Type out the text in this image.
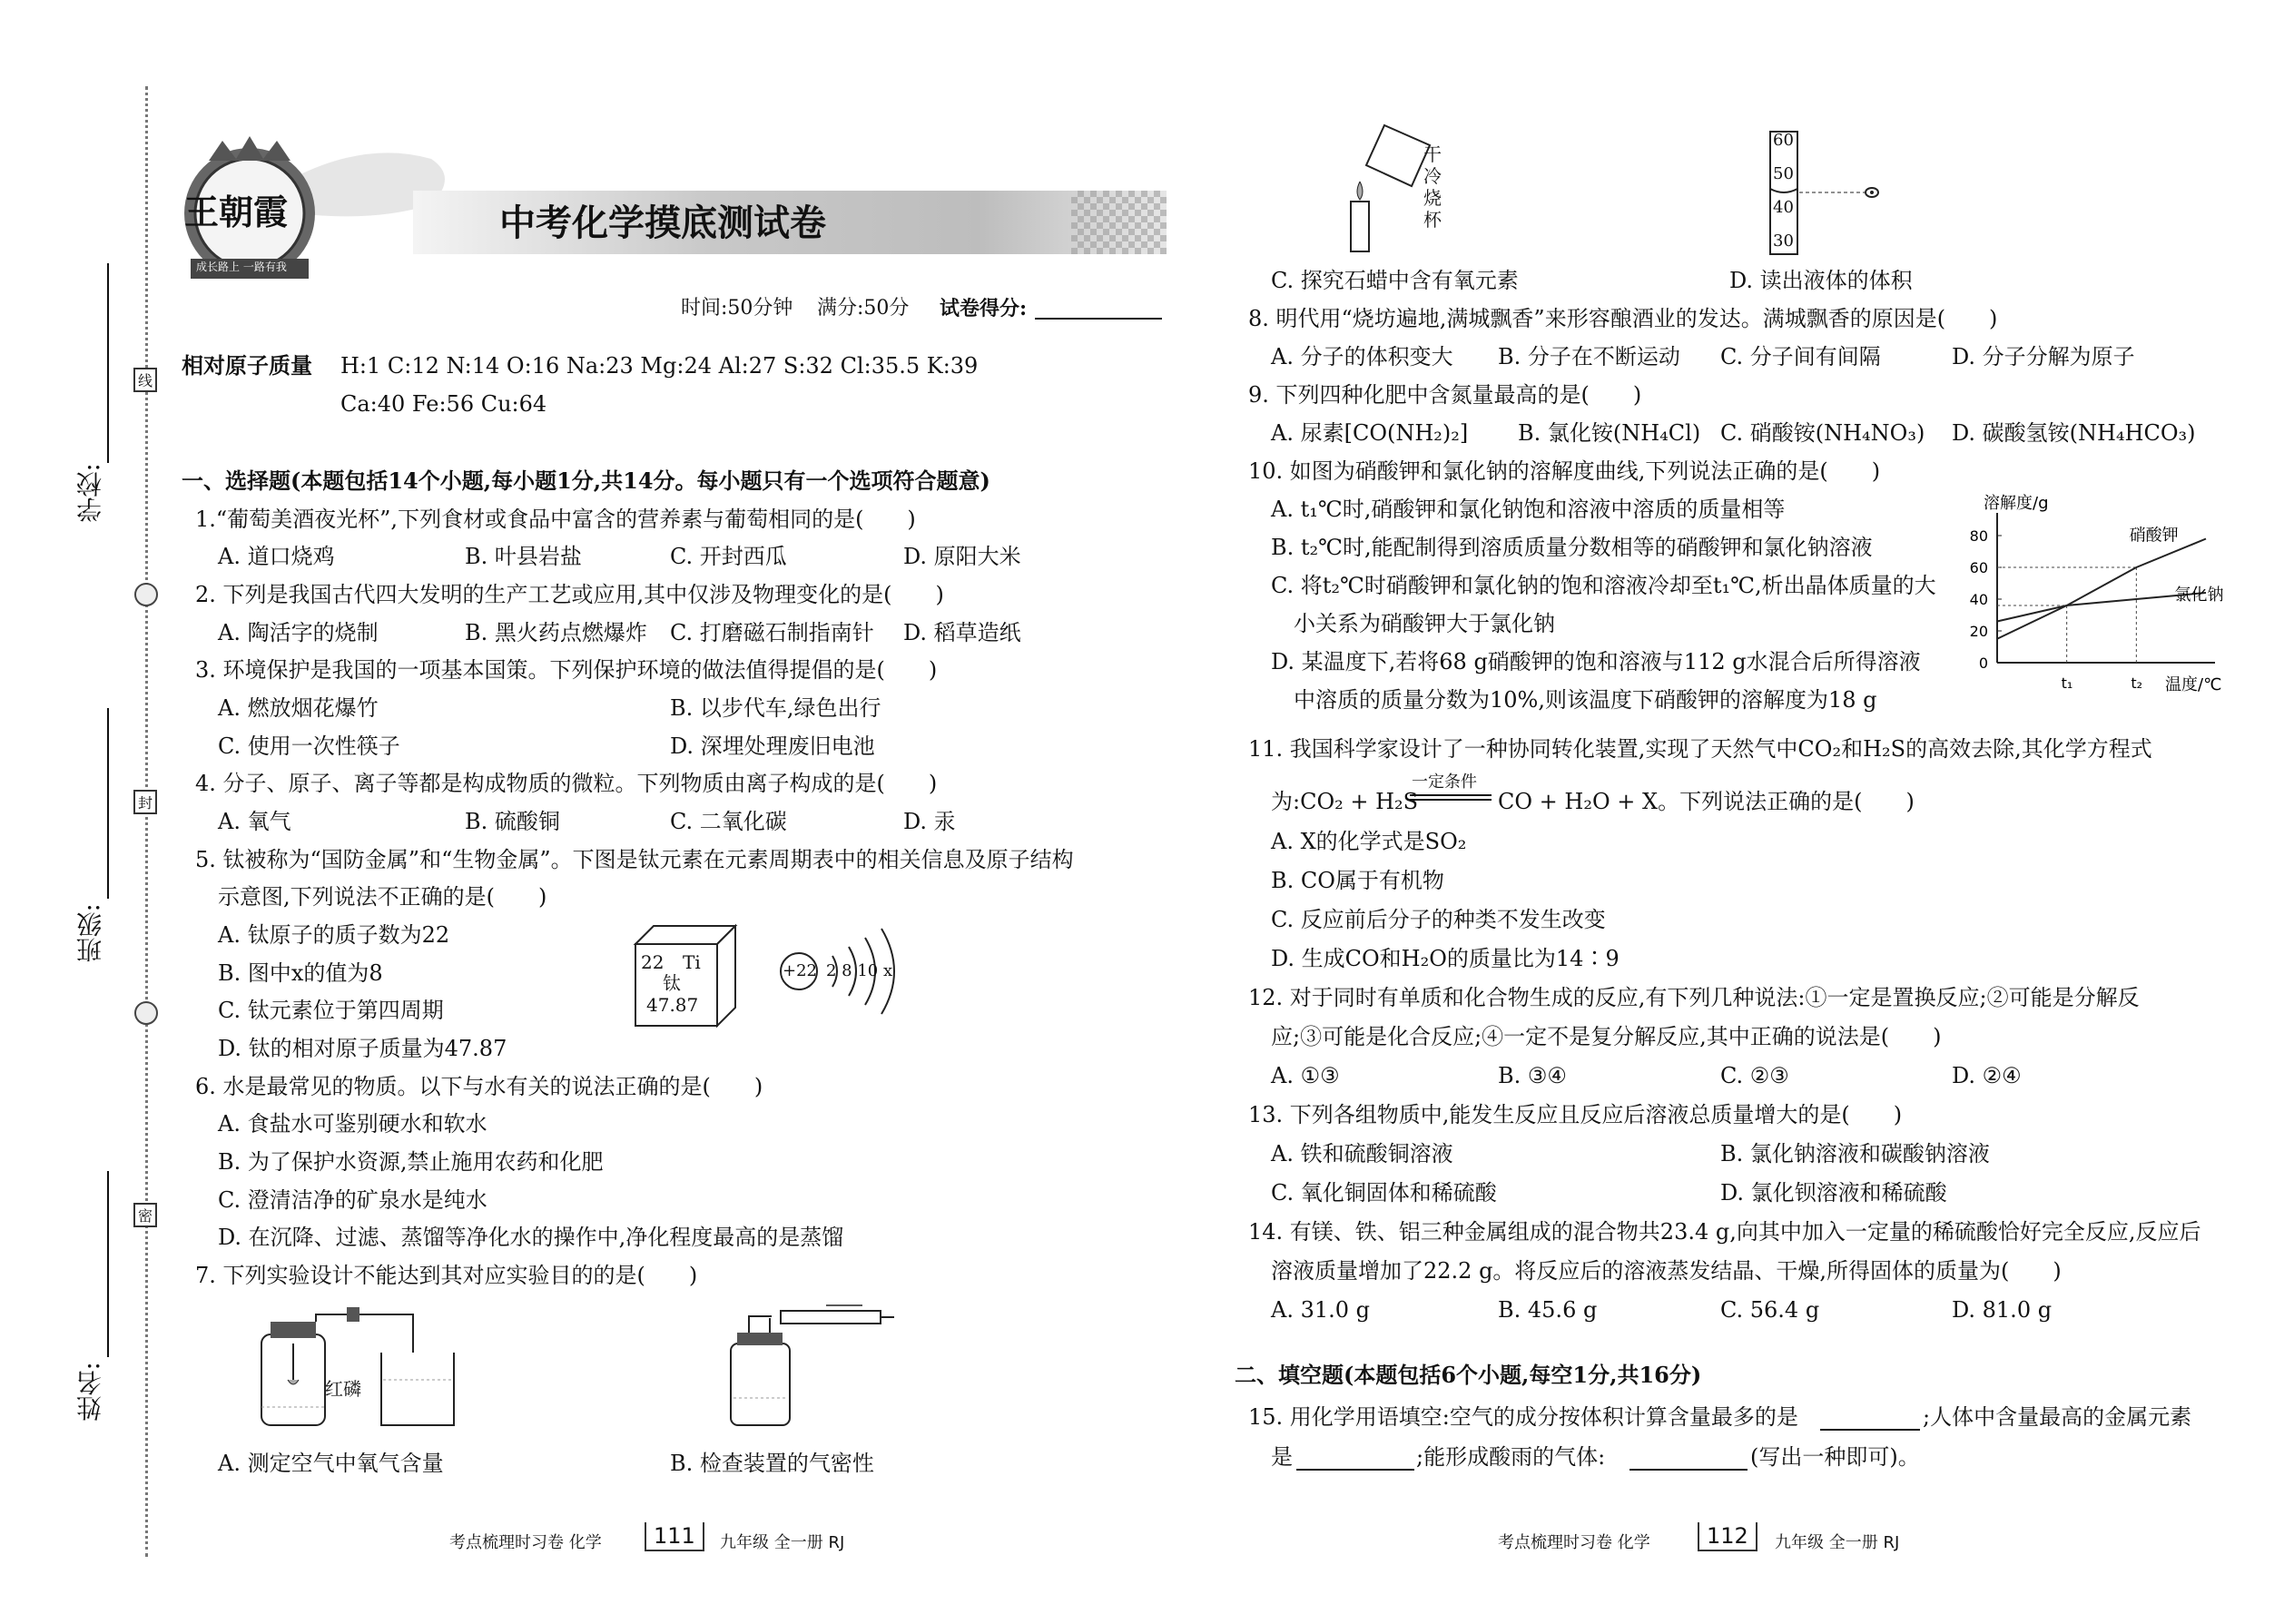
学校:
班级:
姓名:
线
封
密
王朝霞
成长路上 一路有我
中考化学摸底测试卷
时间:50分钟 满分:50分 试卷得分:
相对原子质量 H:1 C:12 N:14 O:16 Na:23 Mg:24 Al:27 S:32 Cl:35.5 K:39
Ca:40 Fe:56 Cu:64
一、选择题(本题包括14个小题,每小题1分,共14分。每小题只有一个选项符合题意)
1.“葡萄美酒夜光杯”,下列食材或食品中富含的营养素与葡萄相同的是(　　)
A. 道口烧鸡	B. 叶县岩盐	C. 开封西瓜	D. 原阳大米
2. 下列是我国古代四大发明的生产工艺或应用,其中仅涉及物理变化的是(　　)
A. 陶活字的烧制	B. 黑火药点燃爆炸 C. 打磨磁石制指南针 D. 稻草造纸
3. 环境保护是我国的一项基本国策。下列保护环境的做法值得提倡的是(　　)
A. 燃放烟花爆竹	B. 以步代车,绿色出行
C. 使用一次性筷子	D. 深埋处理废旧电池
4. 分子、原子、离子等都是构成物质的微粒。下列物质由离子构成的是(　　)
A. 氧气	B. 硫酸铜	C. 二氧化碳	D. 汞
5. 钛被称为“国防金属”和“生物金属”。下图是钛元素在元素周期表中的相关信息及原子结构
示意图,下列说法不正确的是(　　)
A. 钛原子的质子数为22
B. 图中x的值为8
C. 钛元素位于第四周期
D. 钛的相对原子质量为47.87
22 Ti
钛
47.87
+22 2 8 10 x
6. 水是最常见的物质。以下与水有关的说法正确的是(　　)
A. 食盐水可鉴别硬水和软水
B. 为了保护水资源,禁止施用农药和化肥
C. 澄清洁净的矿泉水是纯水
D. 在沉降、过滤、蒸馏等净化水的操作中,净化程度最高的是蒸馏
7. 下列实验设计不能达到其对应实验目的的是(　　)
红磷
A. 测定空气中氧气含量	B. 检查装置的气密性
考点梳理时习卷 化学	111	九年级 全一册 RJ
干冷烧杯
60
50
40
30
C. 探究石蜡中含有氧元素	D. 读出液体的体积
8. 明代用“烧坊遍地,满城飘香”来形容酿酒业的发达。满城飘香的原因是(　　)
A. 分子的体积变大 B. 分子在不断运动 C. 分子间有间隔	D. 分子分解为原子
9. 下列四种化肥中含氮量最高的是(　　)
A. 尿素[CO(NH₂)₂] B. 氯化铵(NH₄Cl) C. 硝酸铵(NH₄NO₃) D. 碳酸氢铵(NH₄HCO₃)
10. 如图为硝酸钾和氯化钠的溶解度曲线,下列说法正确的是(　　)
A. t₁℃时,硝酸钾和氯化钠饱和溶液中溶质的质量相等
B. t₂℃时,能配制得到溶质质量分数相等的硝酸钾和氯化钠溶液
C. 将t₂℃时硝酸钾和氯化钠的饱和溶液冷却至t₁℃,析出晶体质量的大
小关系为硝酸钾大于氯化钠
D. 某温度下,若将68 g硝酸钾的饱和溶液与112 g水混合后所得溶液
中溶质的质量分数为10%,则该温度下硝酸钾的溶解度为18 g
溶解度/g
温度/℃
0
20
40
60
80
t₁	t₂
硝酸钾
氯化钠
11. 我国科学家设计了一种协同转化装置,实现了天然气中CO₂和H₂S的高效去除,其化学方程式
为:CO₂ + H₂S
一定条件
CO + H₂O + X。下列说法正确的是(　　)
A. X的化学式是SO₂
B. CO属于有机物
C. 反应前后分子的种类不发生改变
D. 生成CO和H₂O的质量比为14∶9
12. 对于同时有单质和化合物生成的反应,有下列几种说法:①一定是置换反应;②可能是分解反
应;③可能是化合反应;④一定不是复分解反应,其中正确的说法是(　　)
A. ①③	B. ③④	C. ②③	D. ②④
13. 下列各组物质中,能发生反应且反应后溶液总质量增大的是(　　)
A. 铁和硫酸铜溶液	B. 氯化钠溶液和碳酸钠溶液
C. 氧化铜固体和稀硫酸	D. 氯化钡溶液和稀硫酸
14. 有镁、铁、铝三种金属组成的混合物共23.4 g,向其中加入一定量的稀硫酸恰好完全反应,反应后
溶液质量增加了22.2 g。将反应后的溶液蒸发结晶、干燥,所得固体的质量为(　　)
A. 31.0 g	B. 45.6 g	C. 56.4 g	D. 81.0 g
二、填空题(本题包括6个小题,每空1分,共16分)
15. 用化学用语填空:空气的成分按体积计算含量最多的是	;人体中含量最高的金属元素
是	;能形成酸雨的气体:	(写出一种即可)。
考点梳理时习卷 化学	112	九年级 全一册 RJ
